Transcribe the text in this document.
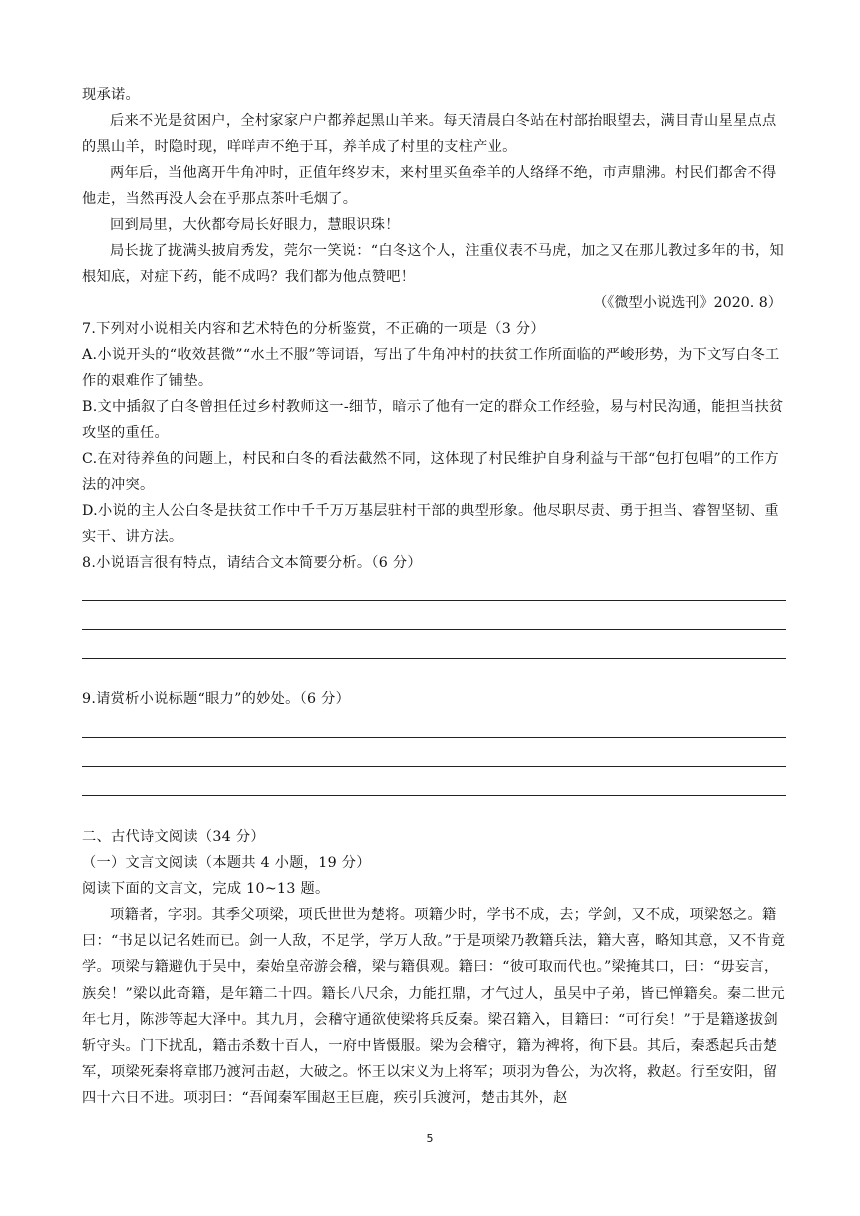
现承诺。

后来不光是贫困户，全村家家户户都养起黑山羊来。每天清晨白冬站在村部抬眼望去，满目青山星星点点的黑山羊，时隐时现，咩咩声不绝于耳，养羊成了村里的支柱产业。

两年后，当他离开牛角冲时，正值年终岁末，来村里买鱼牵羊的人络绎不绝，市声鼎沸。村民们都舍不得他走，当然再没人会在乎那点茶叶毛烟了。

回到局里，大伙都夸局长好眼力，慧眼识珠！

局长拢了拢满头披肩秀发，莞尔一笑说：“白冬这个人，注重仪表不马虎，加之又在那儿教过多年的书，知根知底，对症下药，能不成吗？我们都为他点赞吧！

（《微型小说选刊》2020. 8）

7.下列对小说相关内容和艺术特色的分析鉴赏，不正确的一项是（3 分）

A.小说开头的“收效甚微”“水土不服”等词语，写出了牛角冲村的扶贫工作所面临的严峻形势，为下文写白冬工作的艰难作了铺垫。

B.文中插叙了白冬曾担任过乡村教师这一-细节，暗示了他有一定的群众工作经验，易与村民沟通，能担当扶贫攻坚的重任。

C.在对待养鱼的问题上，村民和白冬的看法截然不同，这体现了村民维护自身利益与干部“包打包唱”的工作方法的冲突。

D.小说的主人公白冬是扶贫工作中千千万万基层驻村干部的典型形象。他尽职尽责、勇于担当、睿智坚韧、重实干、讲方法。

8.小说语言很有特点，请结合文本简要分析。（6 分）

9.请赏析小说标题“眼力”的妙处。（6 分）

二、古代诗文阅读（34 分）

（一）文言文阅读（本题共 4 小题，19 分）

阅读下面的文言文，完成 10~13 题。

项籍者，字羽。其季父项梁，项氏世世为楚将。项籍少时，学书不成，去；学剑，又不成，项梁怒之。籍曰：“书足以记名姓而已。剑一人敌，不足学，学万人敌。”于是项梁乃教籍兵法，籍大喜，略知其意，又不肯竟学。项梁与籍避仇于吴中，秦始皇帝游会稽，梁与籍俱观。籍曰：“彼可取而代也。”梁掩其口，曰：“毋妄言，族矣！”梁以此奇籍，是年籍二十四。籍长八尺余，力能扛鼎，才气过人，虽吴中子弟，皆已惮籍矣。秦二世元年七月，陈涉等起大泽中。其九月，会稽守通欲使梁将兵反秦。梁召籍入，目籍曰：“可行矣！”于是籍遂拔剑斩守头。门下扰乱，籍击杀数十百人，一府中皆慑服。梁为会稽守，籍为裨将，徇下县。其后，秦悉起兵击楚军，项梁死秦将章邯乃渡河击赵，大破之。怀王以宋义为上将军；项羽为鲁公，为次将，救赵。行至安阳，留四十六日不进。项羽曰：“吾闻秦军围赵王巨鹿，疾引兵渡河，楚击其外，赵

5
